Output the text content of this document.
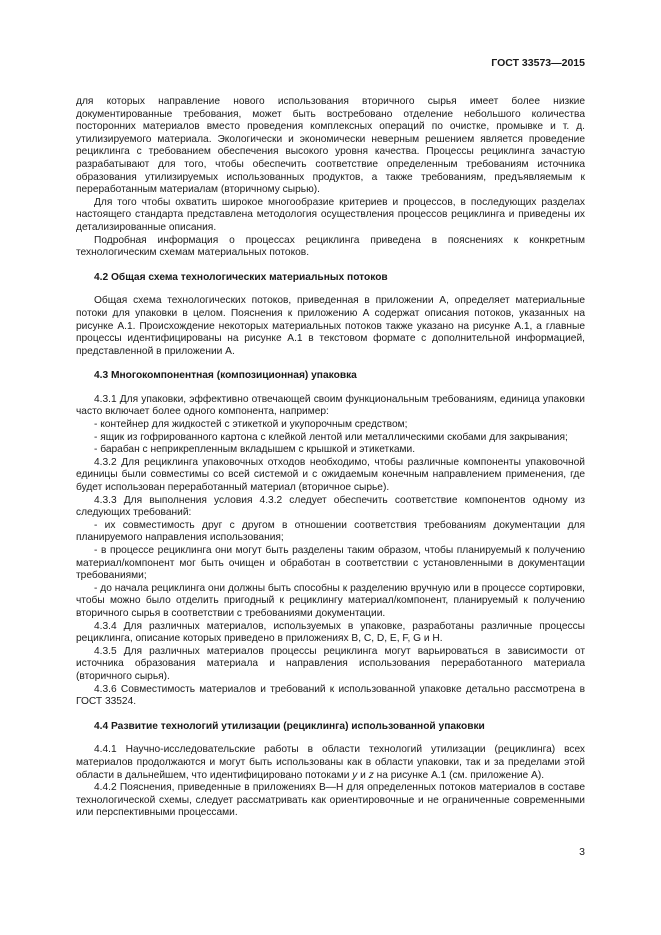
ГОСТ 33573—2015

для которых направление нового использования вторичного сырья имеет более низкие документированные требования, может быть востребовано отделение небольшого количества посторонних материалов вместо проведения комплексных операций по очистке, промывке и т. д. утилизируемого материала. Экологически и экономически неверным решением является проведение рециклинга с требованием обеспечения высокого уровня качества. Процессы рециклинга зачастую разрабатывают для того, чтобы обеспечить соответствие определенным требованиям источника образования утилизируемых использованных продуктов, а также требованиям, предъявляемым к переработанным материалам (вторичному сырью).

Для того чтобы охватить широкое многообразие критериев и процессов, в последующих разделах настоящего стандарта представлена методология осуществления процессов рециклинга и приведены их детализированные описания.

Подробная информация о процессах рециклинга приведена в пояснениях к конкретным технологическим схемам материальных потоков.

4.2 Общая схема технологических материальных потоков

Общая схема технологических потоков, приведенная в приложении А, определяет материальные потоки для упаковки в целом. Пояснения к приложению А содержат описания потоков, указанных на рисунке А.1. Происхождение некоторых материальных потоков также указано на рисунке А.1, а главные процессы идентифицированы на рисунке А.1 в текстовом формате с дополнительной информацией, представленной в приложении А.

4.3 Многокомпонентная (композиционная) упаковка

4.3.1 Для упаковки, эффективно отвечающей своим функциональным требованиям, единица упаковки часто включает более одного компонента, например:

- контейнер для жидкостей с этикеткой и укупорочным средством;

- ящик из гофрированного картона с клейкой лентой или металлическими скобами для закрывания;

- барабан с неприкрепленным вкладышем с крышкой и этикетками.

4.3.2 Для рециклинга упаковочных отходов необходимо, чтобы различные компоненты упаковочной единицы были совместимы со всей системой и с ожидаемым конечным направлением применения, где будет использован переработанный материал (вторичное сырье).

4.3.3 Для выполнения условия 4.3.2 следует обеспечить соответствие компонентов одному из следующих требований:

- их совместимость друг с другом в отношении соответствия требованиям документации для планируемого направления использования;

- в процессе рециклинга они могут быть разделены таким образом, чтобы планируемый к получению материал/компонент мог быть очищен и обработан в соответствии с установленными в документации требованиями;

- до начала рециклинга они должны быть способны к разделению вручную или в процессе сортировки, чтобы можно было отделить пригодный к рециклингу материал/компонент, планируемый к получению вторичного сырья в соответствии с требованиями документации.

4.3.4 Для различных материалов, используемых в упаковке, разработаны различные процессы рециклинга, описание которых приведено в приложениях В, С, D, Е, F, G и Н.

4.3.5 Для различных материалов процессы рециклинга могут варьироваться в зависимости от источника образования материала и направления использования переработанного материала (вторичного сырья).

4.3.6 Совместимость материалов и требований к использованной упаковке детально рассмотрена в ГОСТ 33524.

4.4 Развитие технологий утилизации (рециклинга) использованной упаковки

4.4.1 Научно-исследовательские работы в области технологий утилизации (рециклинга) всех материалов продолжаются и могут быть использованы как в области упаковки, так и за пределами этой области в дальнейшем, что идентифицировано потоками y и z на рисунке А.1 (см. приложение А).

4.4.2 Пояснения, приведенные в приложениях В—Н для определенных потоков материалов в составе технологической схемы, следует рассматривать как ориентировочные и не ограниченные современными или перспективными процессами.

3
